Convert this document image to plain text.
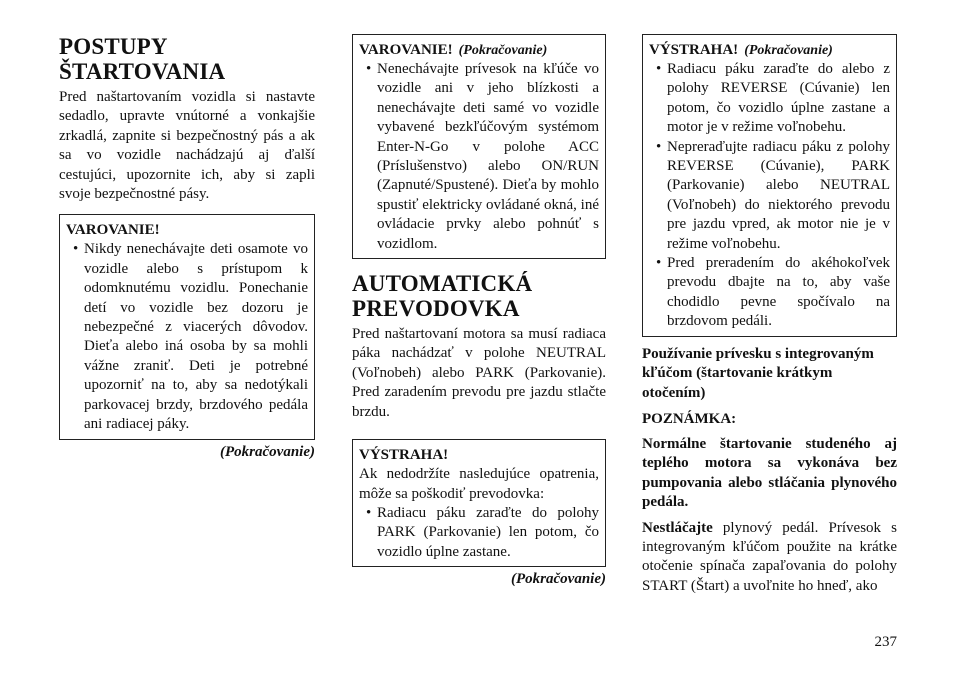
POSTUPY
ŠTARTOVANIA
Pred naštartovaním vozidla si nastavte sedadlo, upravte vnútorné a vonkajšie zrkadlá, zapnite si bezpečnostný pás a ak sa vo vozidle nachádzajú aj ďalší cestujúci, upozornite ich, aby si zapli svoje bezpečnostné pásy.
VAROVANIE!
• Nikdy nenechávajte deti osamote vo vozidle alebo s prístupom k odomknutému vozidlu. Ponechanie detí vo vozidle bez dozoru je nebezpečné z viacerých dôvodov. Dieťa alebo iná osoba by sa mohli vážne zraniť. Deti je potrebné upozorniť na to, aby sa nedotýkali parkovacej brzdy, brzdového pedála ani radiacej páky.
(Pokračovanie)
VAROVANIE! (Pokračovanie)
• Nenechávajte prívesok na kľúče vo vozidle ani v jeho blízkosti a nenechávajte deti samé vo vozidle vybavené bezkľúčovým systémom Enter-N-Go v polohe ACC (Príslušenstvo) alebo ON/RUN (Zapnuté/Spustené). Dieťa by mohlo spustiť elektricky ovládané okná, iné ovládacie prvky alebo pohnúť s vozidlom.
AUTOMATICKÁ
PREVODOVKA
Pred naštartovaní motora sa musí radiaca páka nachádzať v polohe NEUTRAL (Voľnobeh) alebo PARK (Parkovanie). Pred zaradením prevodu pre jazdu stlačte brzdu.
VÝSTRAHA!
Ak nedodržíte nasledujúce opatrenia, môže sa poškodiť prevodovka:
• Radiacu páku zaraďte do polohy PARK (Parkovanie) len potom, čo vozidlo úplne zastane.
(Pokračovanie)
VÝSTRAHA! (Pokračovanie)
• Radiacu páku zaraďte do alebo z polohy REVERSE (Cúvanie) len potom, čo vozidlo úplne zastane a motor je v režime voľnobehu.
• Nepreraďujte radiacu páku z polohy REVERSE (Cúvanie), PARK (Parkovanie) alebo NEUTRAL (Voľnobeh) do niektorého prevodu pre jazdu vpred, ak motor nie je v režime voľnobehu.
• Pred preradením do akéhokoľvek prevodu dbajte na to, aby vaše chodidlo pevne spočívalo na brzdovom pedáli.
Používanie prívesku s integrovaným kľúčom (štartovanie krátkym otočením)
POZNÁMKA:
Normálne štartovanie studeného aj teplého motora sa vykonáva bez pumpovania alebo stláčania plynového pedála.
Nestláčajte plynový pedál. Prívesok s integrovaným kľúčom použite na krátke otočenie spínača zapaľovania do polohy START (Štart) a uvoľnite ho hneď, ako
237
